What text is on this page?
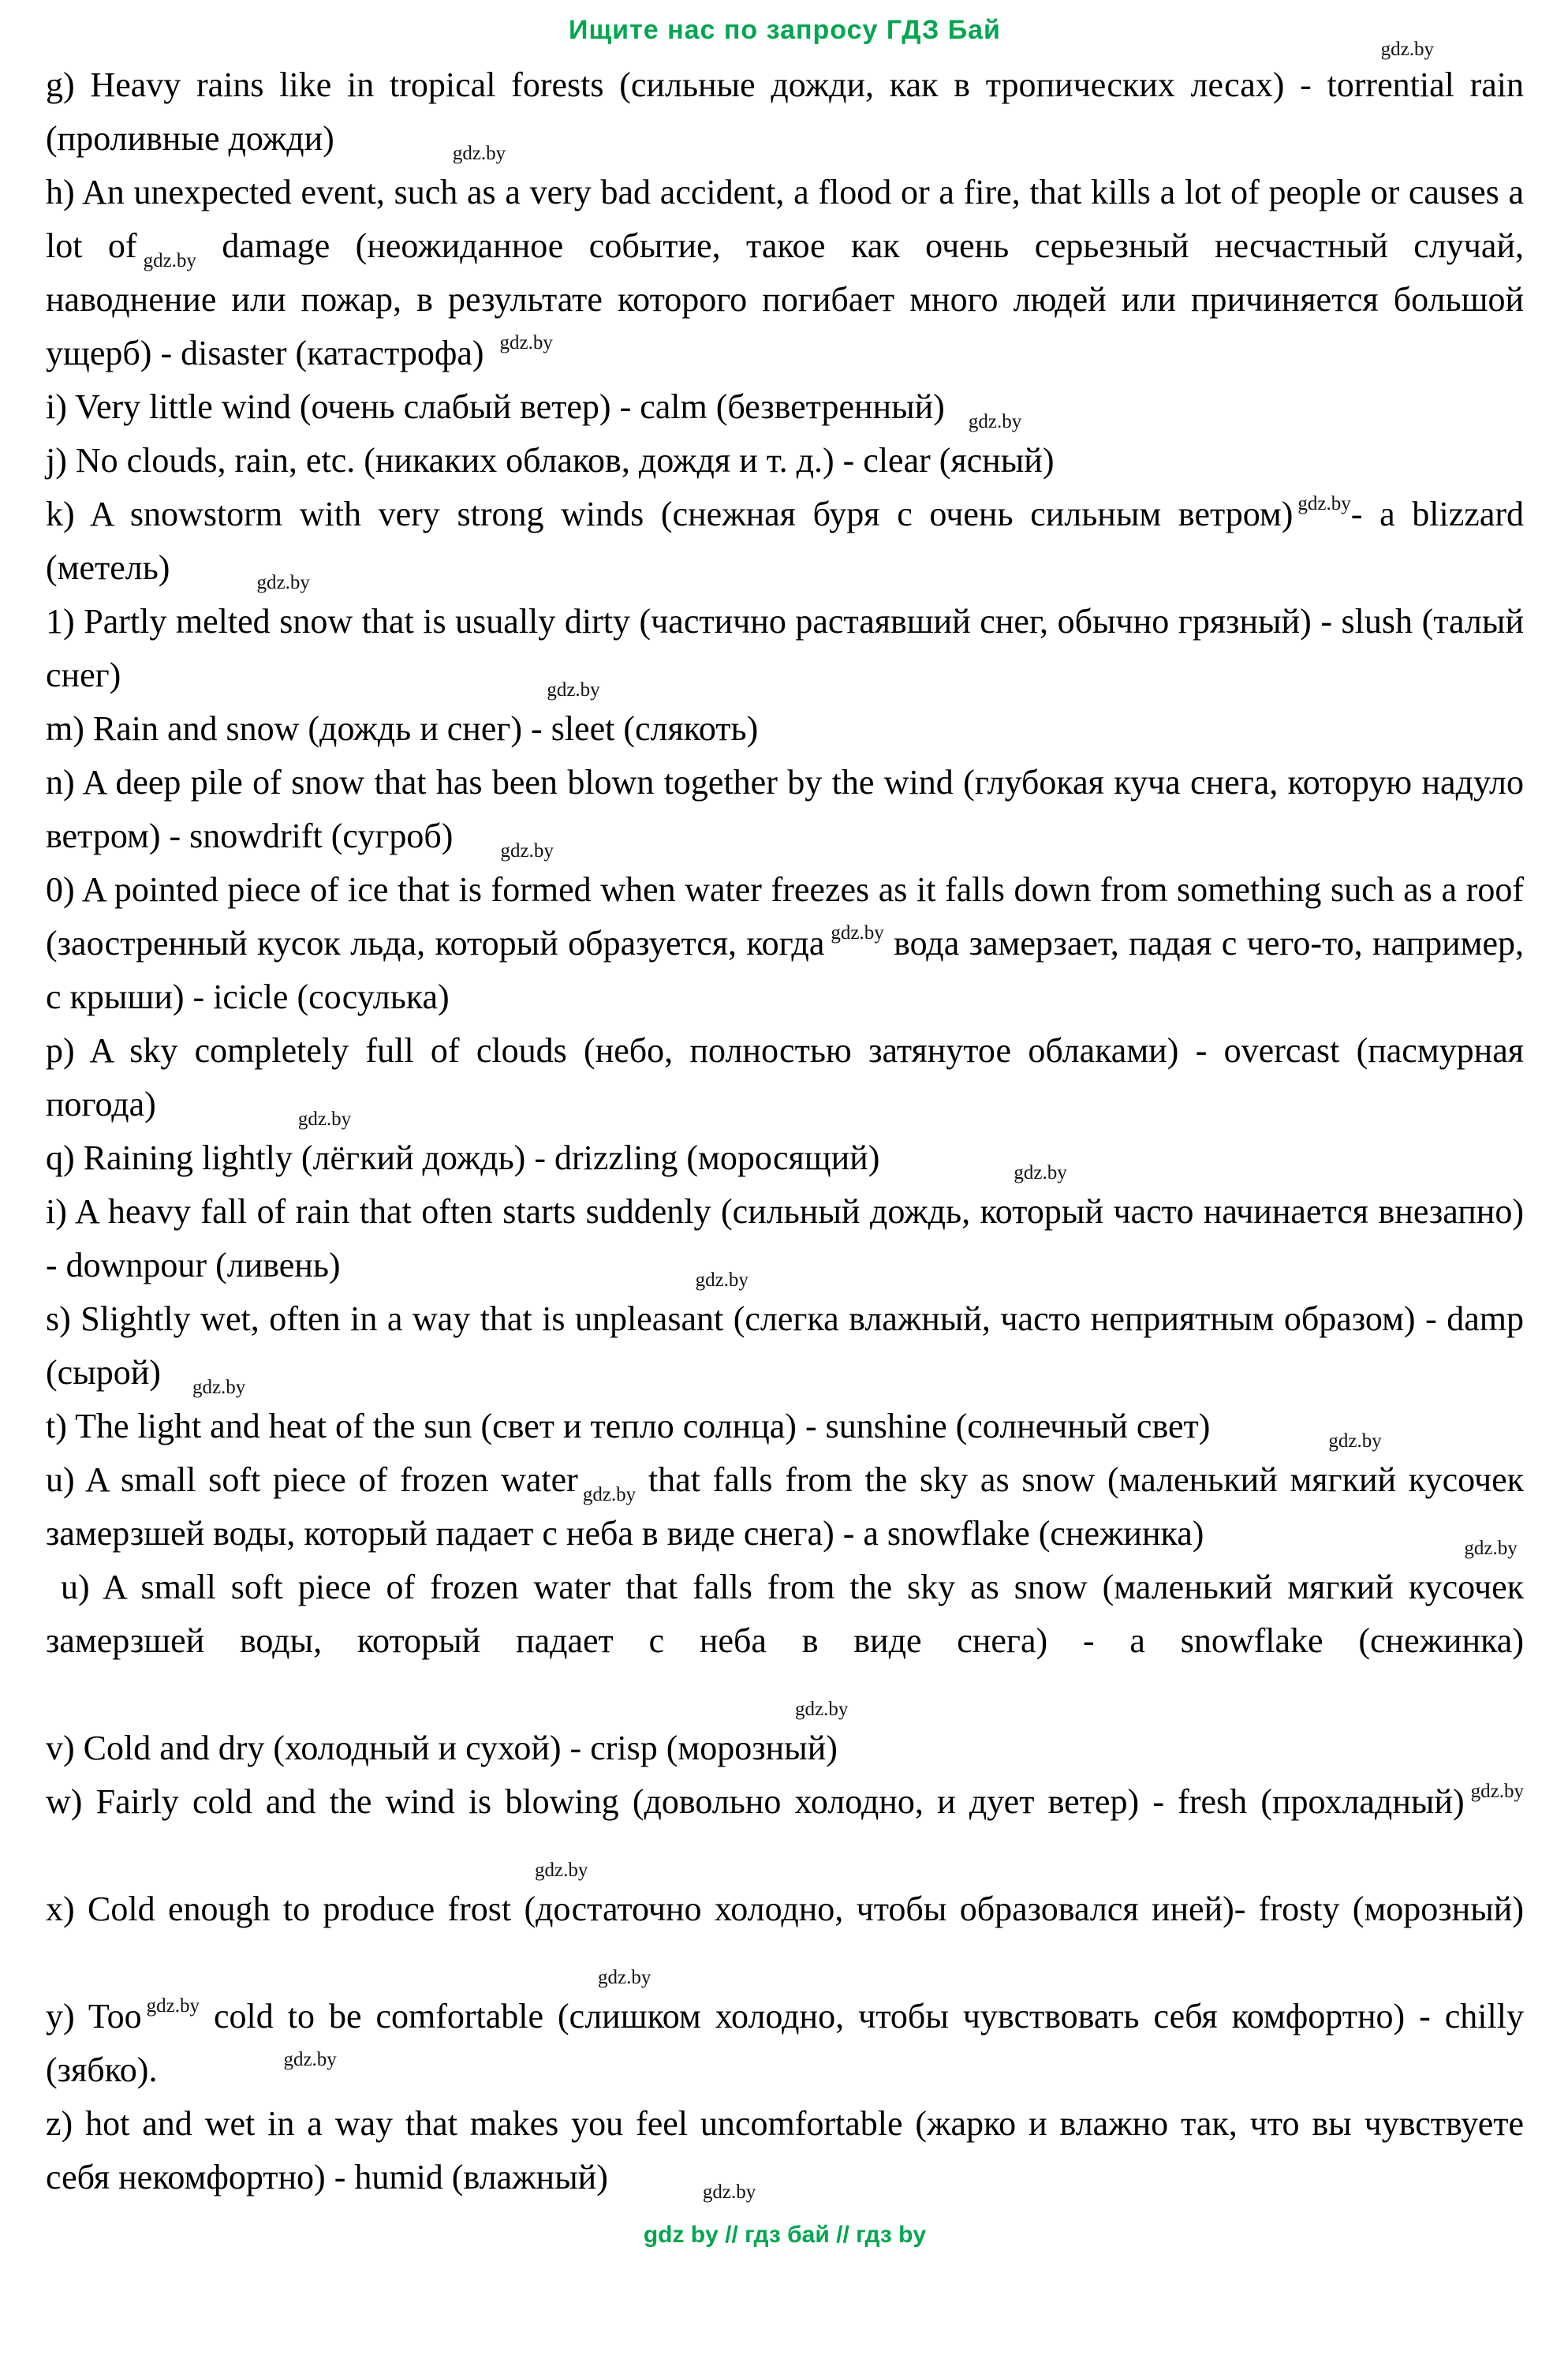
Ищите нас по запросу ГДЗ Бай
gdz.by

g) Heavy rains like in tropical forests (сильные дожди, как в тропических лесах) - torrential rain (проливные дожди)	gdz.by

h) An unexpected event, such as a very bad accident, a flood or a fire, that kills a lot of people or causes a lot of gdz.by damage (неожиданное событие, такое как очень серьезный несчастный случай, наводнение или пожар, в результате которого погибает много людей или причиняется большой ущерб) - disaster (катастрофа) gdz.by

i) Very little wind (очень слабый ветер) - calm (безветренный) gdz.by

j) No clouds, rain, etc. (никаких облаков, дождя и т. д.) - clear (ясный)

k) A snowstorm with very strong winds (снежная буря с очень сильным ветром) gdz.by- a blizzard (метель)	gdz.by

1) Partly melted snow that is usually dirty (частично растаявший снег, обычно грязный) - slush (талый снег)	gdz.by

m) Rain and snow (дождь и снег) - sleet (слякоть)

n) A deep pile of snow that has been blown together by the wind (глубокая куча снега, которую надуло ветром) - snowdrift (сугроб) gdz.by

0) A pointed piece of ice that is formed when water freezes as it falls down from something such as a roof (заостренный кусок льда, который образуется, когда gdz.by вода замерзает, падая с чего-то, например, с крыши) - icicle (сосулька)

p) A sky completely full of clouds (небо, полностью затянутое облаками) - overcast (пасмурная погода)	gdz.by

q) Raining lightly (лёгкий дождь) - drizzling (моросящий)	gdz.by

i) A heavy fall of rain that often starts suddenly (сильный дождь, который часто начинается внезапно) - downpour (ливень)	gdz.by

s) Slightly wet, often in a way that is unpleasant (слегка влажный, часто неприятным образом) - damp (сырой) gdz.by

t) The light and heat of the sun (свет и тепло солнца) - sunshine (солнечный свет)	gdz.by

u) A small soft piece of frozen water gdz.by that falls from the sky as snow (маленький мягкий кусочек замерзшей воды, который падает с неба в виде снега) - a snowflake (снежинка)	gdz.by

u) A small soft piece of frozen water that falls from the sky as snow (маленький мягкий кусочек замерзшей воды, который падает с неба в виде снега) - a snowflake (снежинка)gdz.by

v) Cold and dry (холодный и сухой) - crisp (морозный)

w) Fairly cold and the wind is blowing (довольно холодно, и дует ветер) - fresh (прохладный) gdz.bygdz.by

x) Cold enough to produce frost (достаточно холодно, чтобы образовался иней)- frosty (морозный)gdz.by

y) Too gdz.by cold to be comfortable (слишком холодно, чтобы чувствовать себя комфортно) - chilly (зябко).	gdz.by

z) hot and wet in a way that makes you feel uncomfortable (жарко и влажно так, что вы чувствуете себя некомфортно) - humid (влажный)	gdz.by

gdz by // гдз бай // гдз by
